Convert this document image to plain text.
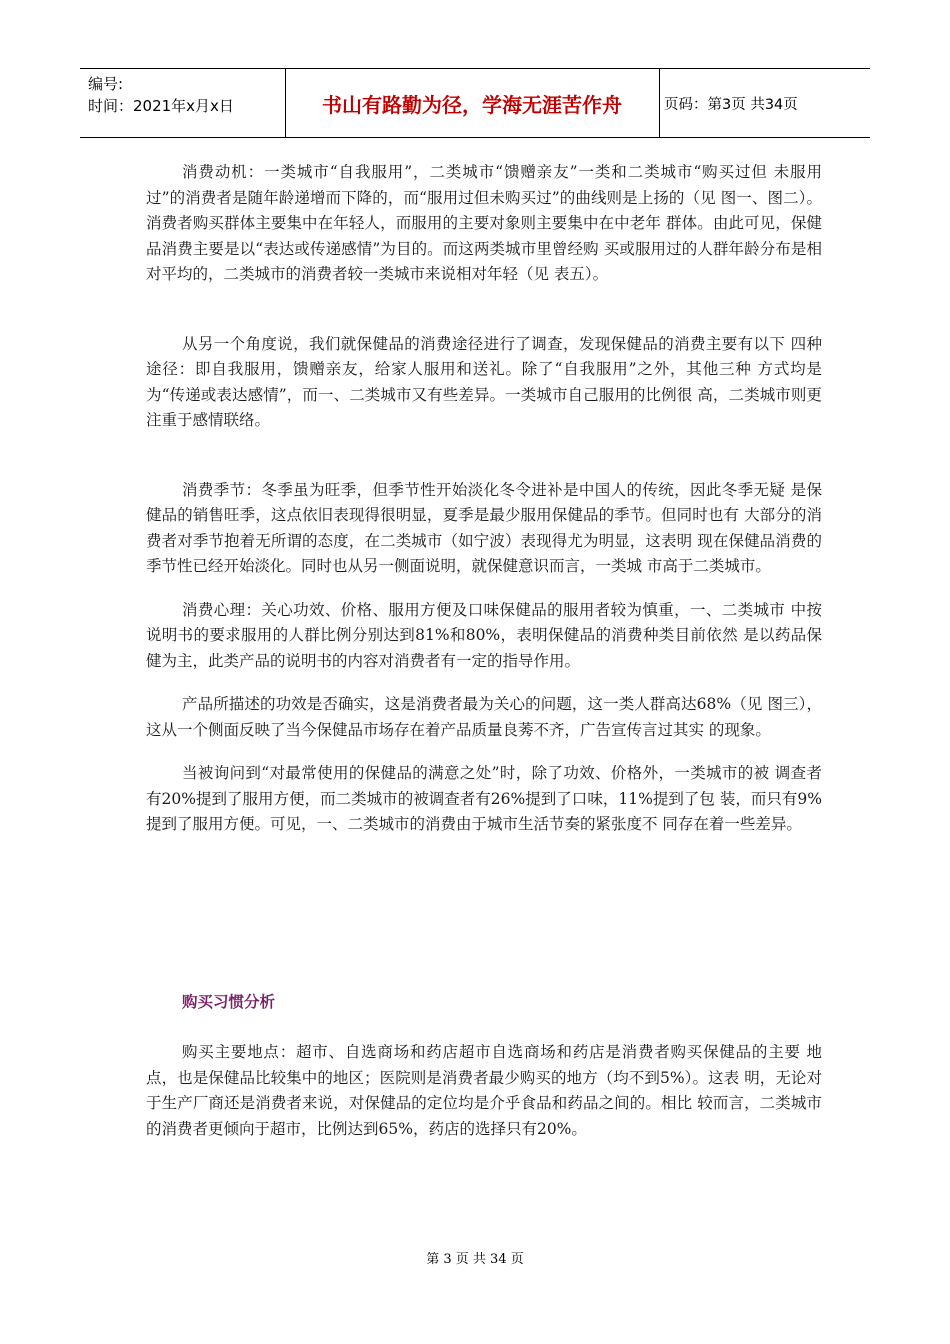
编号:
时间：2021年x月x日	书山有路勤为径，学海无涯苦作舟	页码：第3页 共34页

消费动机：一类城市“自我服用”，二类城市“馈赠亲友”一类和二类城市“购买过但 未服用过”的消费者是随年龄递增而下降的，而“服用过但未购买过”的曲线则是上扬的（见 图一、图二）。消费者购买群体主要集中在年轻人，而服用的主要对象则主要集中在中老年 群体。由此可见，保健品消费主要是以“表达或传递感情”为目的。而这两类城市里曾经购 买或服用过的人群年龄分布是相对平均的，二类城市的消费者较一类城市来说相对年轻（见 表五）。

从另一个角度说，我们就保健品的消费途径进行了调查，发现保健品的消费主要有以下 四种途径：即自我服用，馈赠亲友，给家人服用和送礼。除了“自我服用”之外，其他三种 方式均是为“传递或表达感情”，而一、二类城市又有些差异。一类城市自己服用的比例很 高，二类城市则更注重于感情联络。

消费季节：冬季虽为旺季，但季节性开始淡化冬令进补是中国人的传统，因此冬季无疑 是保健品的销售旺季，这点依旧表现得很明显，夏季是最少服用保健品的季节。但同时也有 大部分的消费者对季节抱着无所谓的态度，在二类城市（如宁波）表现得尤为明显，这表明 现在保健品消费的季节性已经开始淡化。同时也从另一侧面说明，就保健意识而言，一类城 市高于二类城市。

消费心理：关心功效、价格、服用方便及口味保健品的服用者较为慎重，一、二类城市 中按说明书的要求服用的人群比例分别达到81%和80%，表明保健品的消费种类目前依然 是以药品保健为主，此类产品的说明书的内容对消费者有一定的指导作用。

产品所描述的功效是否确实，这是消费者最为关心的问题，这一类人群高达68%（见 图三），这从一个侧面反映了当今保健品市场存在着产品质量良莠不齐，广告宣传言过其实 的现象。

当被询问到“对最常使用的保健品的满意之处”时，除了功效、价格外，一类城市的被 调查者有20%提到了服用方便，而二类城市的被调查者有26%提到了口味，11%提到了包 装，而只有9%提到了服用方便。可见，一、二类城市的消费由于城市生活节奏的紧张度不 同存在着一些差异。

购买习惯分析

购买主要地点：超市、自选商场和药店超市自选商场和药店是消费者购买保健品的主要 地点，也是保健品比较集中的地区；医院则是消费者最少购买的地方（均不到5%）。这表 明，无论对于生产厂商还是消费者来说，对保健品的定位均是介乎食品和药品之间的。相比 较而言，二类城市的消费者更倾向于超市，比例达到65%，药店的选择只有20%。

第 3 页 共 34 页
